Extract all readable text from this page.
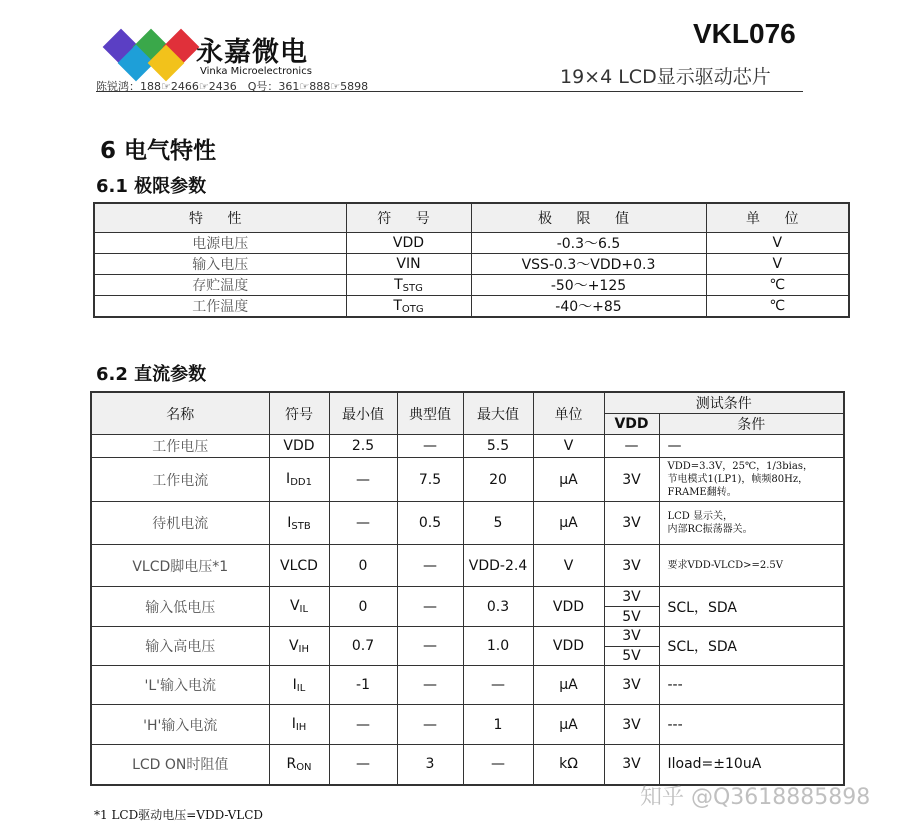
永嘉微电
Vinka Microelectronics
陈锐鸿：188☞2466☞2436　Q号：361☞888☞5898
VKL076
19×4 LCD显示驱动芯片
6 电气特性
6.1 极限参数
特 性	符 号	极 限 值	单 位
电源电压	VDD	-0.3～6.5	V
输入电压	VIN	VSS-0.3～VDD+0.3	V
存贮温度	$T_{STG}$	-50～+125	℃
工作温度	$T_{OTG}$	-40～+85	℃
6.2 直流参数
名称	符号	最小值	典型值	最大值	单位	测试条件	
						VDD	条件
工作电压	VDD	2.5	—	5.5	V	—	—
工作电流	$I_{DD1}$	—	7.5	20	μA	3V	VDD=3.3V，25℃，1/3bias，
节电模式1(LP1)，帧频80Hz，
FRAME翻转。
待机电流	$I_{STB}$	—	0.5	5	μA	3V	LCD 显示关，
内部RC振荡器关。
VLCD脚电压*1	VLCD	0	—	VDD-2.4	V	3V	要求VDD-VLCD>=2.5V
输入低电压	$V_{IL}$	0	—	0.3	VDD	3V	SCL，SDA
						5V	
输入高电压	$V_{IH}$	0.7	—	1.0	VDD	3V	SCL，SDA
						5V	
'L'输入电流	$I_{IL}$	-1	—	—	μA	3V	---
'H'输入电流	$I_{IH}$	—	—	1	μA	3V	---
LCD ON时阻值	$R_{ON}$	—	3	—	kΩ	3V	Iload=±10uA
*1 LCD驱动电压=VDD-VLCD
知乎 @Q3618885898
